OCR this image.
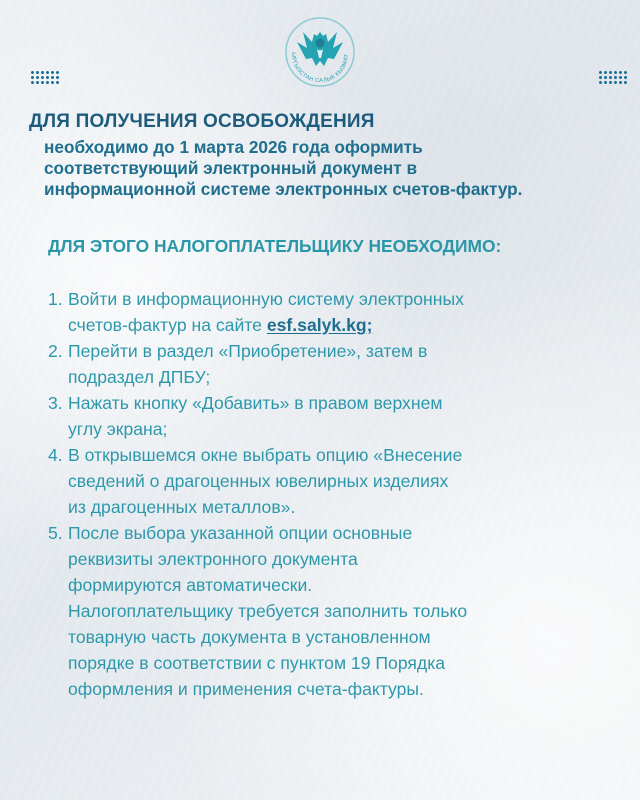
ЫРГЫЗСТАН САЛЫК КЫЗМАТ
ДЛЯ ПОЛУЧЕНИЯ ОСВОБОЖДЕНИЯ

необходимо до 1 марта 2026 года оформить
соответствующий электронный документ в
информационной системе электронных счетов-фактур.

ДЛЯ ЭТОГО НАЛОГОПЛАТЕЛЬЩИКУ НЕОБХОДИМО:
1. Войти в информационную систему электронных
счетов-фактур на сайте esf.salyk.kg;
2. Перейти в раздел «Приобретение», затем в
подраздел ДПБУ;
3. Нажать кнопку «Добавить» в правом верхнем
углу экрана;
4. В открывшемся окне выбрать опцию «Внесение
сведений о драгоценных ювелирных изделиях
из драгоценных металлов».
5. После выбора указанной опции основные
реквизиты электронного документа
формируются автоматически.
Налогоплательщику требуется заполнить только
товарную часть документа в установленном
порядке в соответствии с пунктом 19 Порядка
оформления и применения счета-фактуры.
